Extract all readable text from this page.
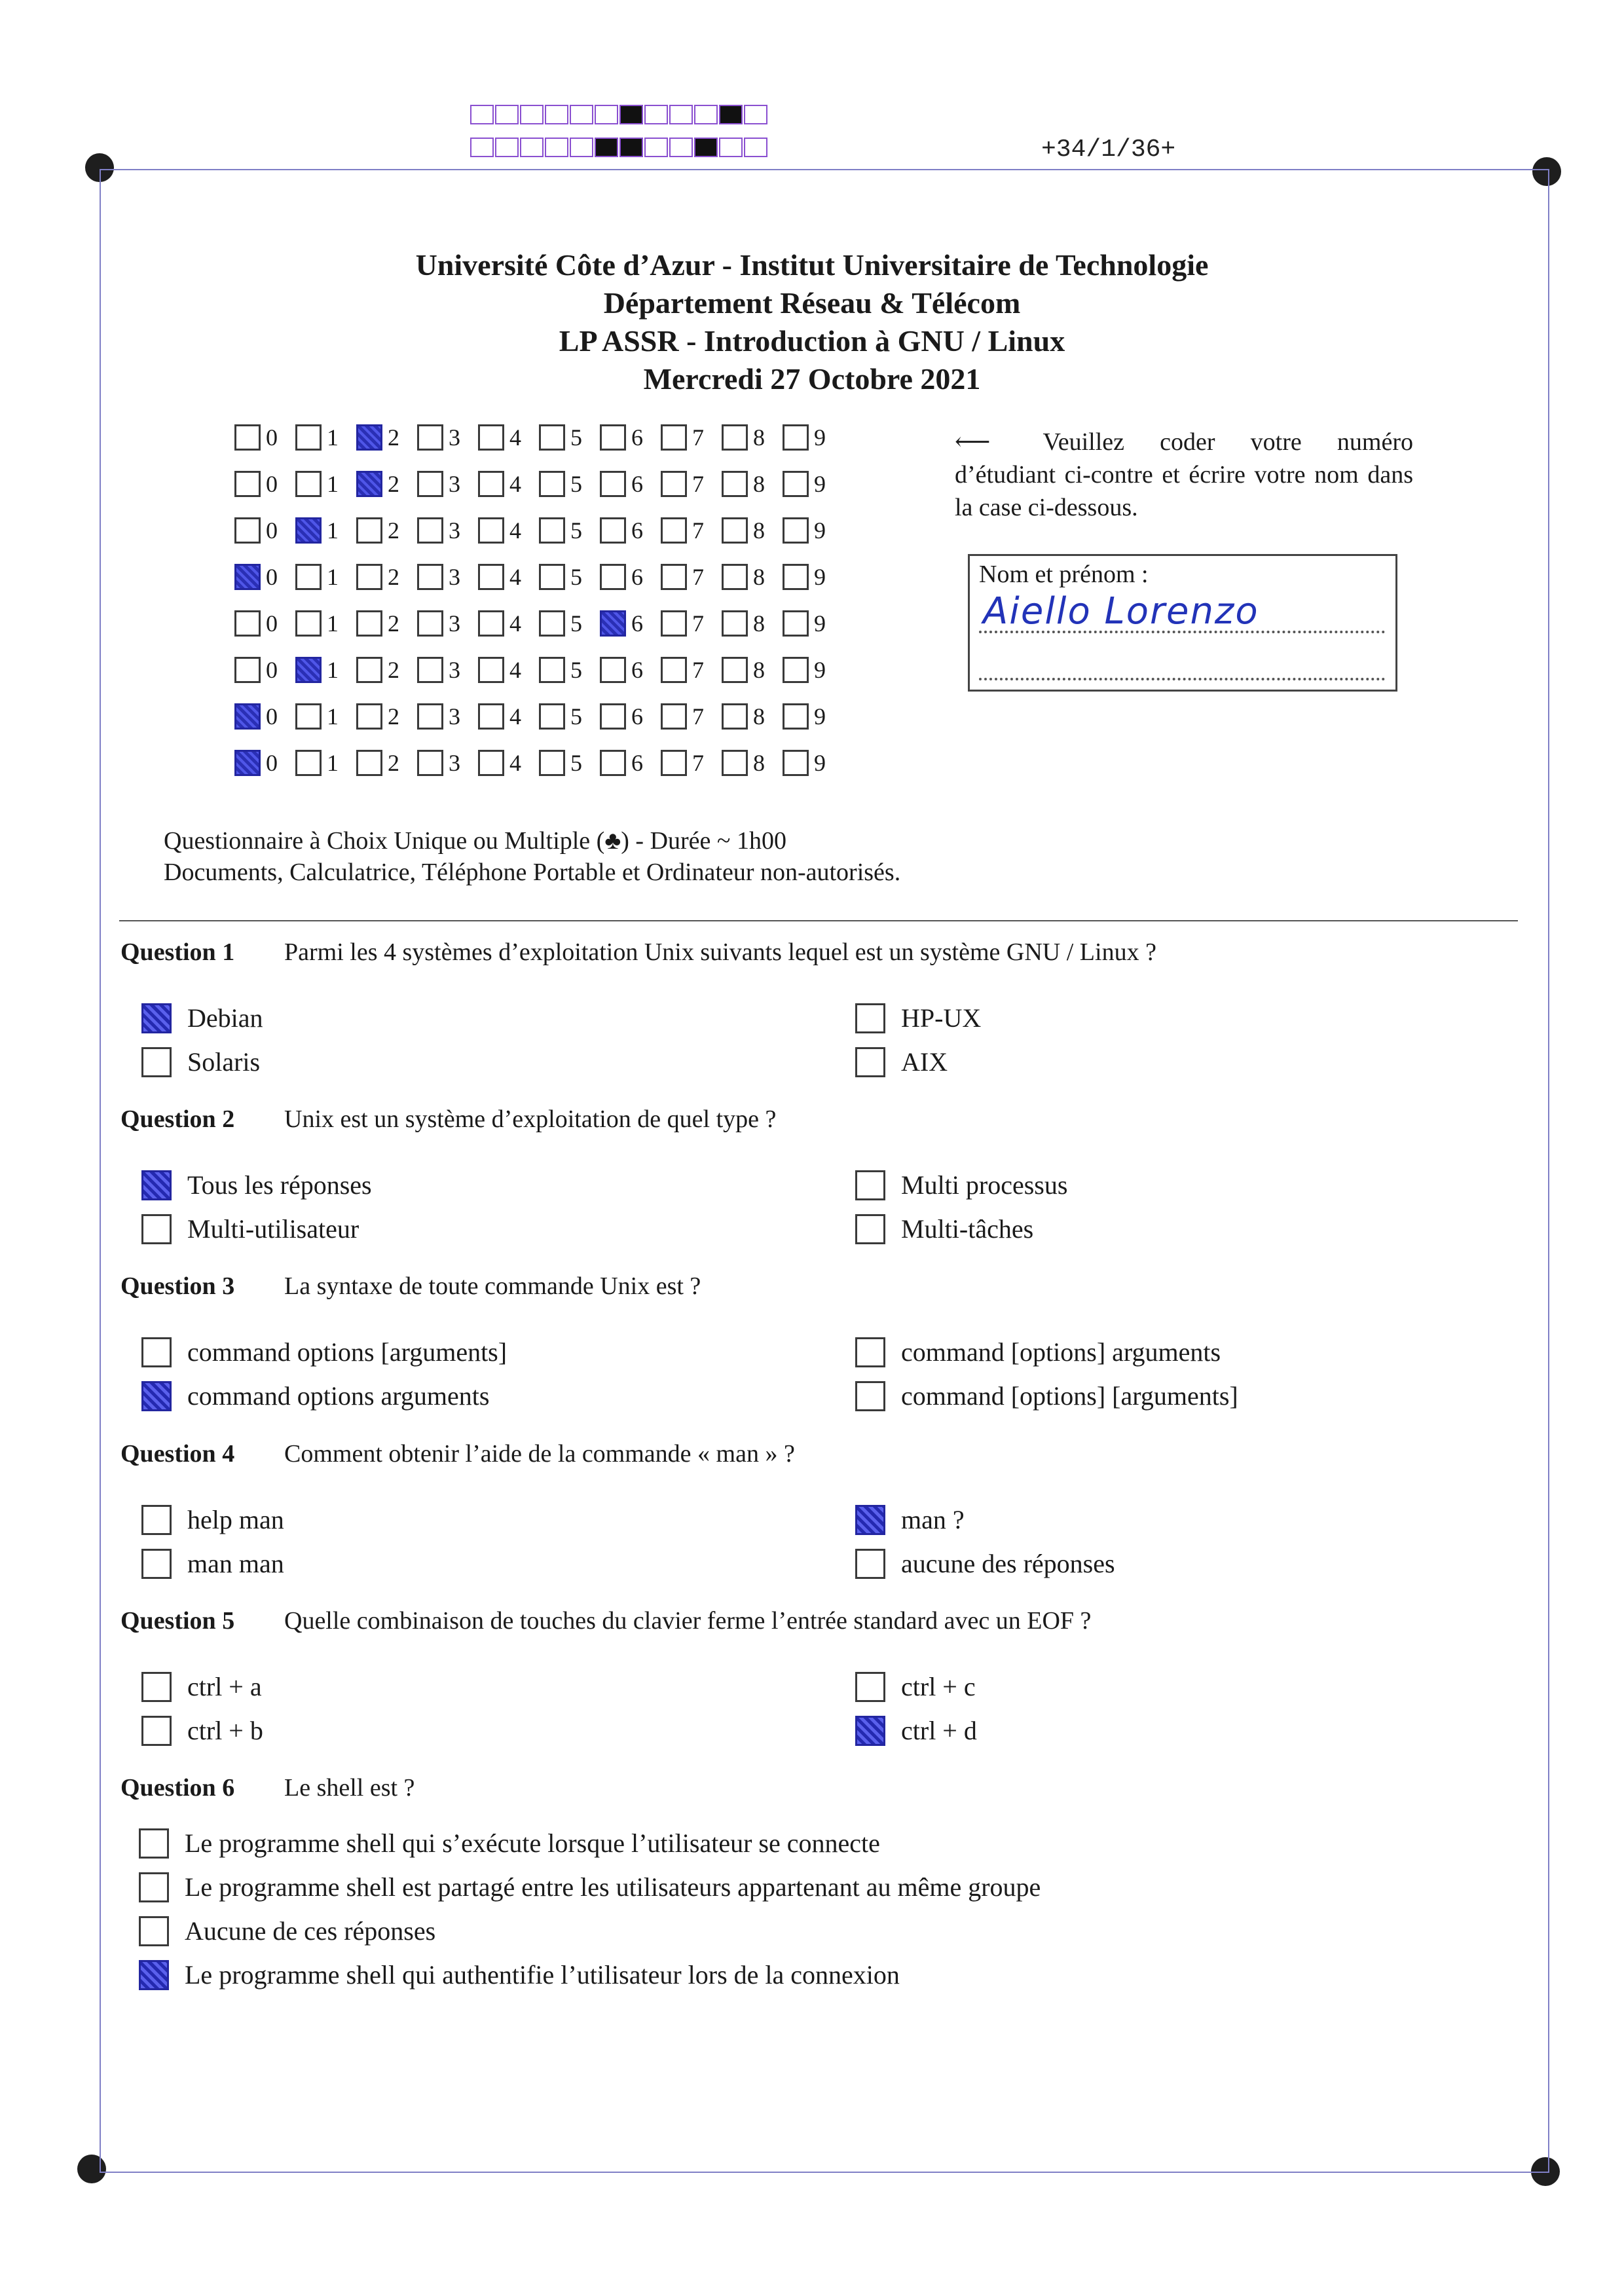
+34/1/36+
Université Côte d’Azur - Institut Universitaire de Technologie
Département Réseau & Télécom
LP ASSR - Introduction à GNU / Linux
Mercredi 27 Octobre 2021
0 1 2 3 4 5 6 7 8 9
0 1 2 3 4 5 6 7 8 9
0 1 2 3 4 5 6 7 8 9
0 1 2 3 4 5 6 7 8 9
0 1 2 3 4 5 6 7 8 9
0 1 2 3 4 5 6 7 8 9
0 1 2 3 4 5 6 7 8 9
0 1 2 3 4 5 6 7 8 9
⟵ Veuillez coder votre numéro d’étudiant ci-contre et écrire votre nom dans la case ci-dessous.
Nom et prénom :
Aiello Lorenzo
Questionnaire à Choix Unique ou Multiple (♣) - Durée ~ 1h00
Documents, Calculatrice, Téléphone Portable et Ordinateur non-autorisés.
Question 1 Parmi les 4 systèmes d’exploitation Unix suivants lequel est un système GNU / Linux ?
Debian
Solaris
HP-UX
AIX
Question 2 Unix est un système d’exploitation de quel type ?
Tous les réponses
Multi-utilisateur
Multi processus
Multi-tâches
Question 3 La syntaxe de toute commande Unix est ?
command options [arguments]
command options arguments
command [options] arguments
command [options] [arguments]
Question 4 Comment obtenir l’aide de la commande « man » ?
help man
man man
man ?
aucune des réponses
Question 5 Quelle combinaison de touches du clavier ferme l’entrée standard avec un EOF ?
ctrl + a
ctrl + b
ctrl + c
ctrl + d
Question 6 Le shell est ?
Le programme shell qui s’exécute lorsque l’utilisateur se connecte
Le programme shell est partagé entre les utilisateurs appartenant au même groupe
Aucune de ces réponses
Le programme shell qui authentifie l’utilisateur lors de la connexion
